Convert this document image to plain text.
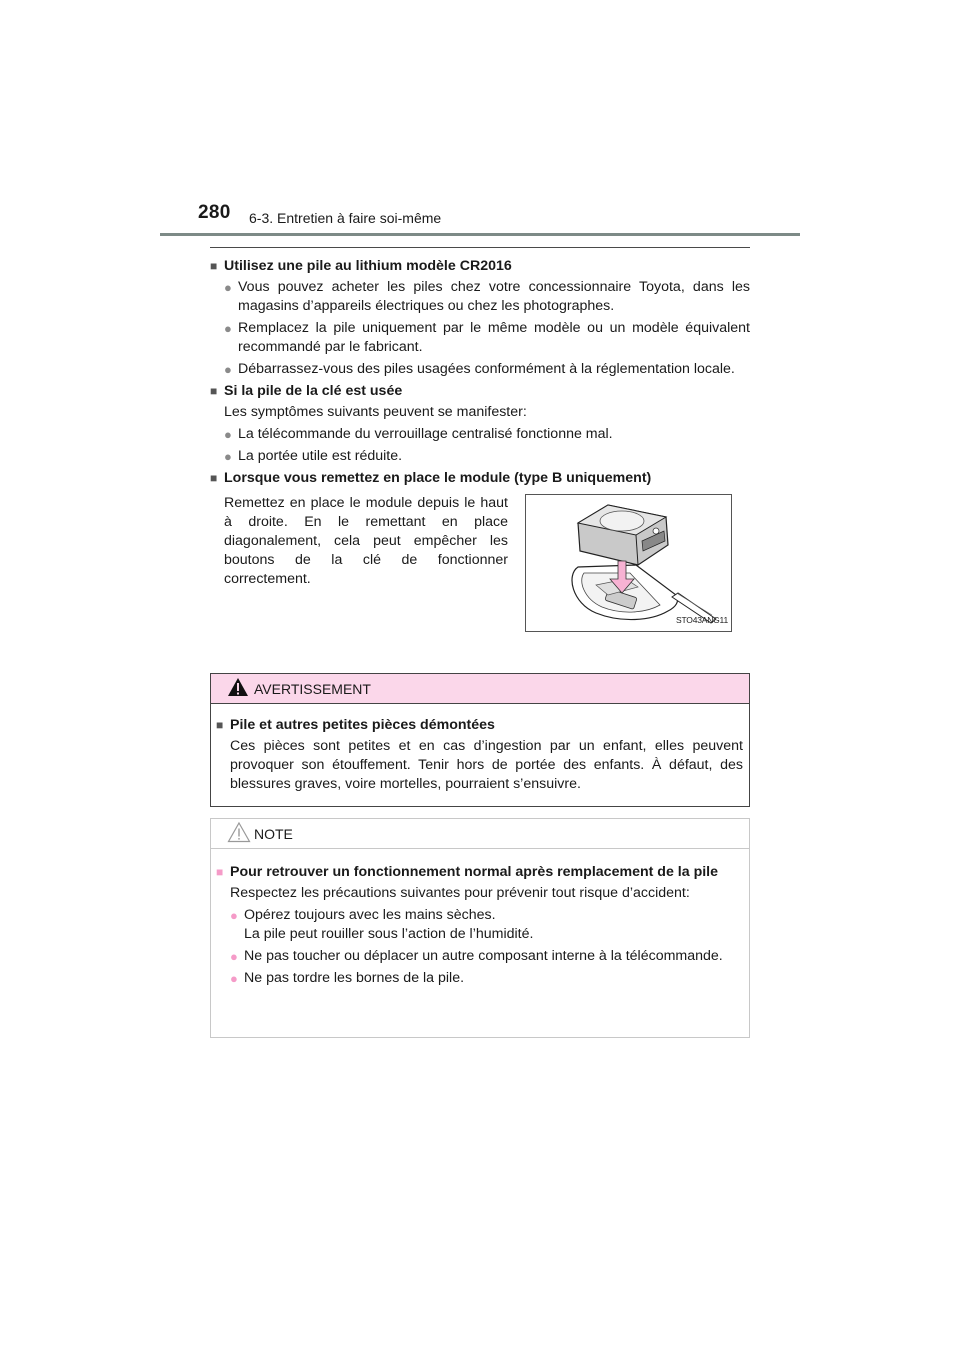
280 6-3. Entretien à faire soi-même
■ Utilisez une pile au lithium modèle CR2016
● Vous pouvez acheter les piles chez votre concessionnaire Toyota, dans les magasins d’appareils électriques ou chez les photographes.
● Remplacez la pile uniquement par le même modèle ou un modèle équivalent recommandé par le fabricant.
● Débarrassez-vous des piles usagées conformément à la réglementation locale.
■ Si la pile de la clé est usée
Les symptômes suivants peuvent se manifester:
● La télécommande du verrouillage centralisé fonctionne mal.
● La portée utile est réduite.
■ Lorsque vous remettez en place le module (type B uniquement)
Remettez en place le module depuis le haut à droite. En le remettant en place diagonalement, cela peut empêcher les boutons de la clé de fonctionner correctement.
STO43ANG11
AVERTISSEMENT
■ Pile et autres petites pièces démontées
Ces pièces sont petites et en cas d’ingestion par un enfant, elles peuvent provoquer son étouffement. Tenir hors de portée des enfants. À défaut, des blessures graves, voire mortelles, pourraient s’ensuivre.
NOTE
■ Pour retrouver un fonctionnement normal après remplacement de la pile
Respectez les précautions suivantes pour prévenir tout risque d’accident:
● Opérez toujours avec les mains sèches.
La pile peut rouiller sous l’action de l’humidité.
● Ne pas toucher ou déplacer un autre composant interne à la télécommande.
● Ne pas tordre les bornes de la pile.
